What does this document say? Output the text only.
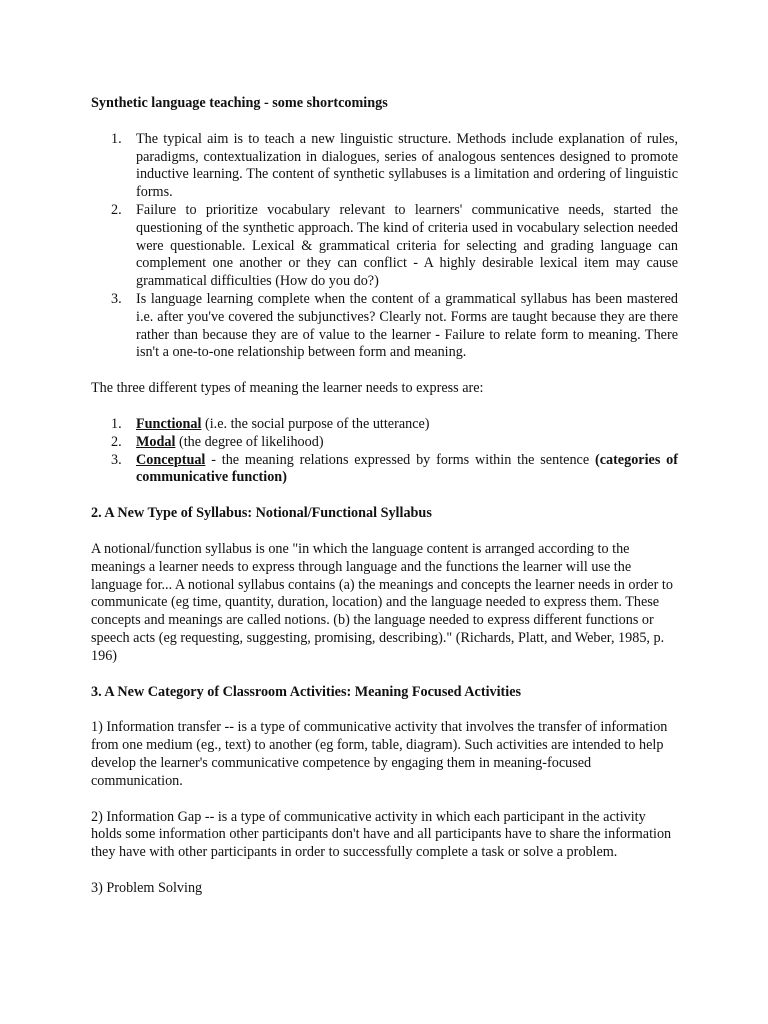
Synthetic language teaching - some shortcomings

1. The typical aim is to teach a new linguistic structure. Methods include explanation of rules, paradigms, contextualization in dialogues, series of analogous sentences designed to promote inductive learning. The content of synthetic syllabuses is a limitation and ordering of linguistic forms.
2. Failure to prioritize vocabulary relevant to learners' communicative needs, started the questioning of the synthetic approach. The kind of criteria used in vocabulary selection needed were questionable. Lexical & grammatical criteria for selecting and grading language can complement one another or they can conflict - A highly desirable lexical item may cause grammatical difficulties (How do you do?)
3. Is language learning complete when the content of a grammatical syllabus has been mastered i.e. after you've covered the subjunctives? Clearly not. Forms are taught because they are there rather than because they are of value to the learner - Failure to relate form to meaning. There isn't a one-to-one relationship between form and meaning.

The three different types of meaning the learner needs to express are:

1. Functional (i.e. the social purpose of the utterance)
2. Modal (the degree of likelihood)
3. Conceptual - the meaning relations expressed by forms within the sentence (categories of communicative function)

2. A New Type of Syllabus: Notional/Functional Syllabus

A notional/function syllabus is one "in which the language content is arranged according to the meanings a learner needs to express through language and the functions the learner will use the language for... A notional syllabus contains (a) the meanings and concepts the learner needs in order to communicate (eg time, quantity, duration, location) and the language needed to express them. These concepts and meanings are called notions. (b) the language needed to express different functions or speech acts (eg requesting, suggesting, promising, describing)." (Richards, Platt, and Weber, 1985, p. 196)

3. A New Category of Classroom Activities: Meaning Focused Activities

1) Information transfer -- is a type of communicative activity that involves the transfer of information from one medium (eg., text) to another (eg form, table, diagram). Such activities are intended to help develop the learner's communicative competence by engaging them in meaning-focused communication.

2) Information Gap -- is a type of communicative activity in which each participant in the activity holds some information other participants don't have and all participants have to share the information they have with other participants in order to successfully complete a task or solve a problem.

3) Problem Solving
